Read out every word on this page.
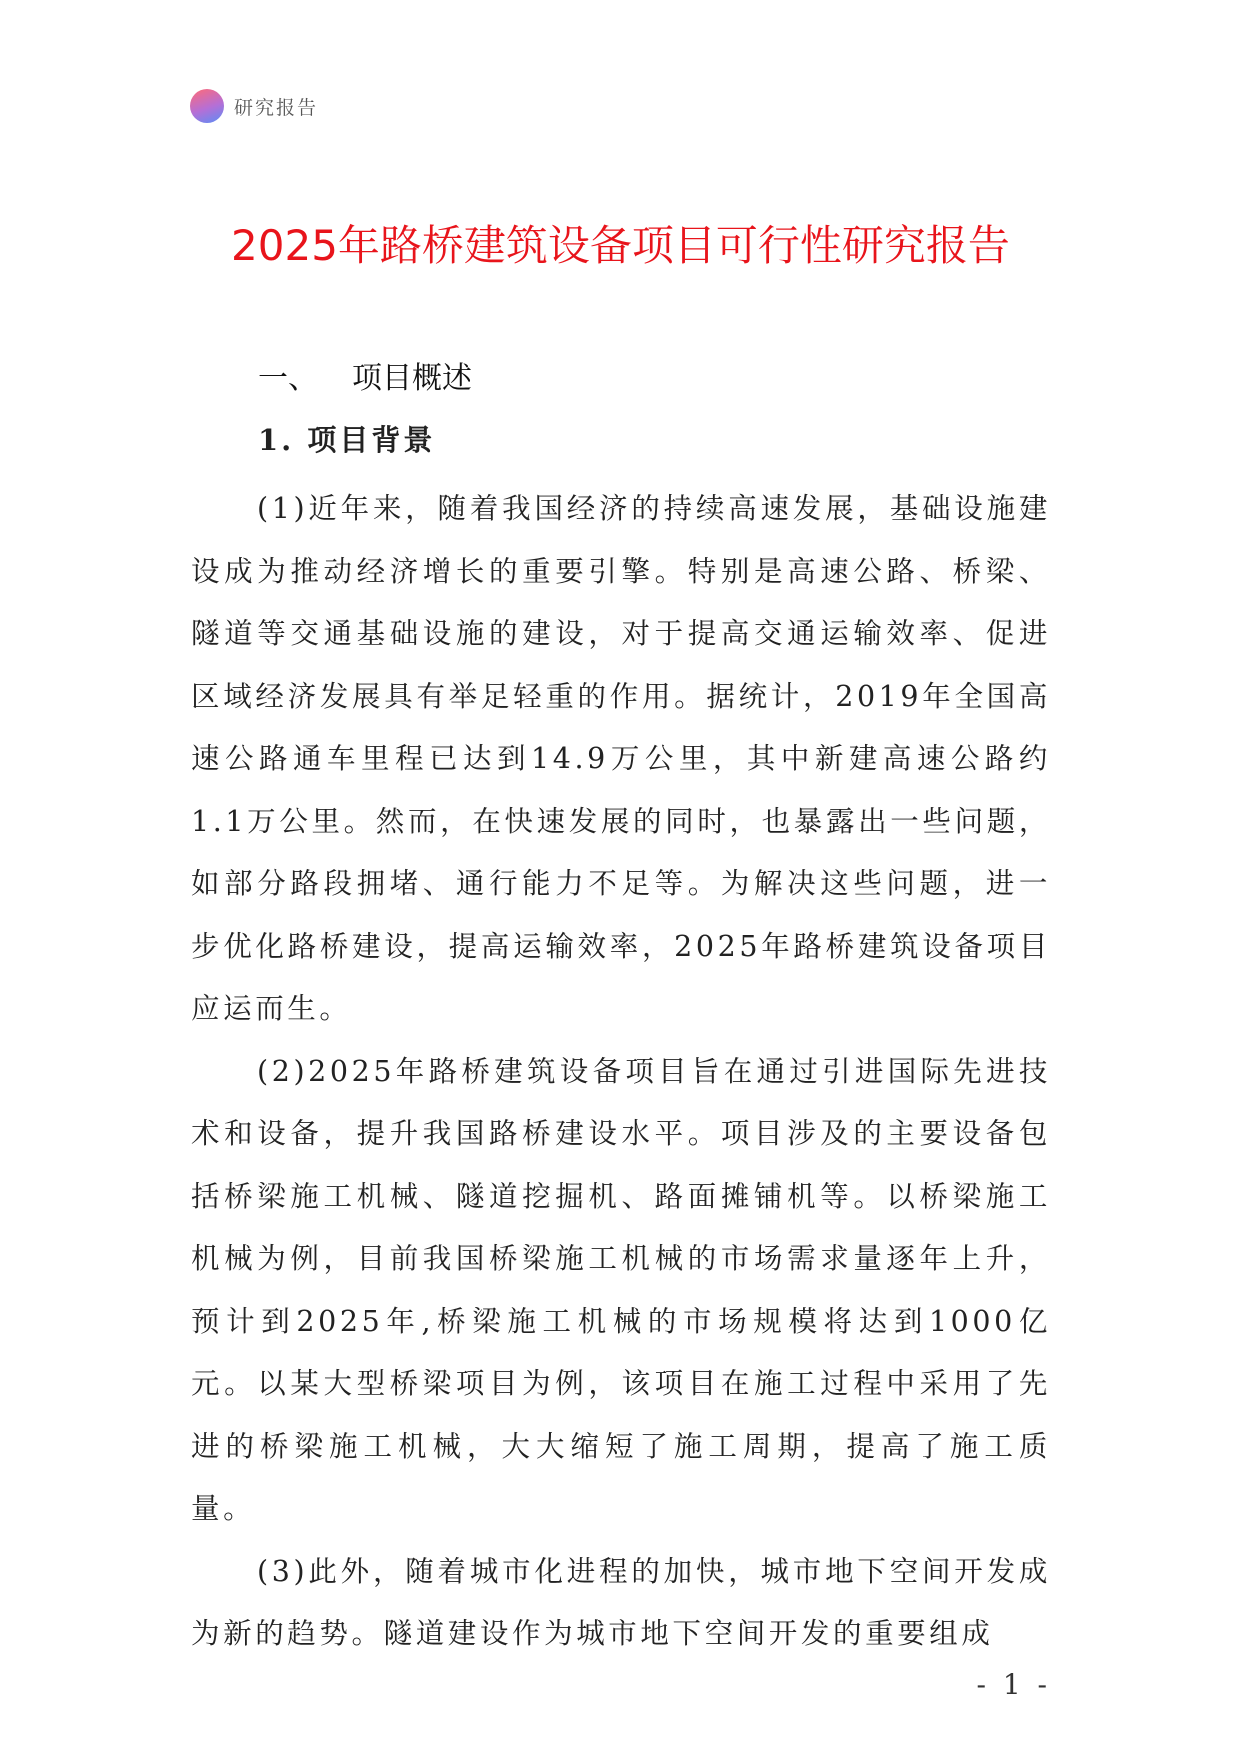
研究报告
2025年路桥建筑设备项目可行性研究报告
一、 项目概述
1. 项目背景

(1)近年来，随着我国经济的持续高速发展，基础设施建设成为推动经济增长的重要引擎。特别是高速公路、桥梁、隧道等交通基础设施的建设，对于提高交通运输效率、促进区域经济发展具有举足轻重的作用。据统计，2019年全国高速公路通车里程已达到14.9万公里，其中新建高速公路约1.1万公里。然而，在快速发展的同时，也暴露出一些问题，如部分路段拥堵、通行能力不足等。为解决这些问题，进一步优化路桥建设，提高运输效率，2025年路桥建筑设备项目应运而生。

(2)2025年路桥建筑设备项目旨在通过引进国际先进技术和设备，提升我国路桥建设水平。项目涉及的主要设备包括桥梁施工机械、隧道挖掘机、路面摊铺机等。以桥梁施工机械为例，目前我国桥梁施工机械的市场需求量逐年上升，预计到2025年,桥梁施工机械的市场规模将达到1000亿元。以某大型桥梁项目为例，该项目在施工过程中采用了先进的桥梁施工机械，大大缩短了施工周期，提高了施工质量。

(3)此外，随着城市化进程的加快，城市地下空间开发成为新的趋势。隧道建设作为城市地下空间开发的重要组成

- 1 -
